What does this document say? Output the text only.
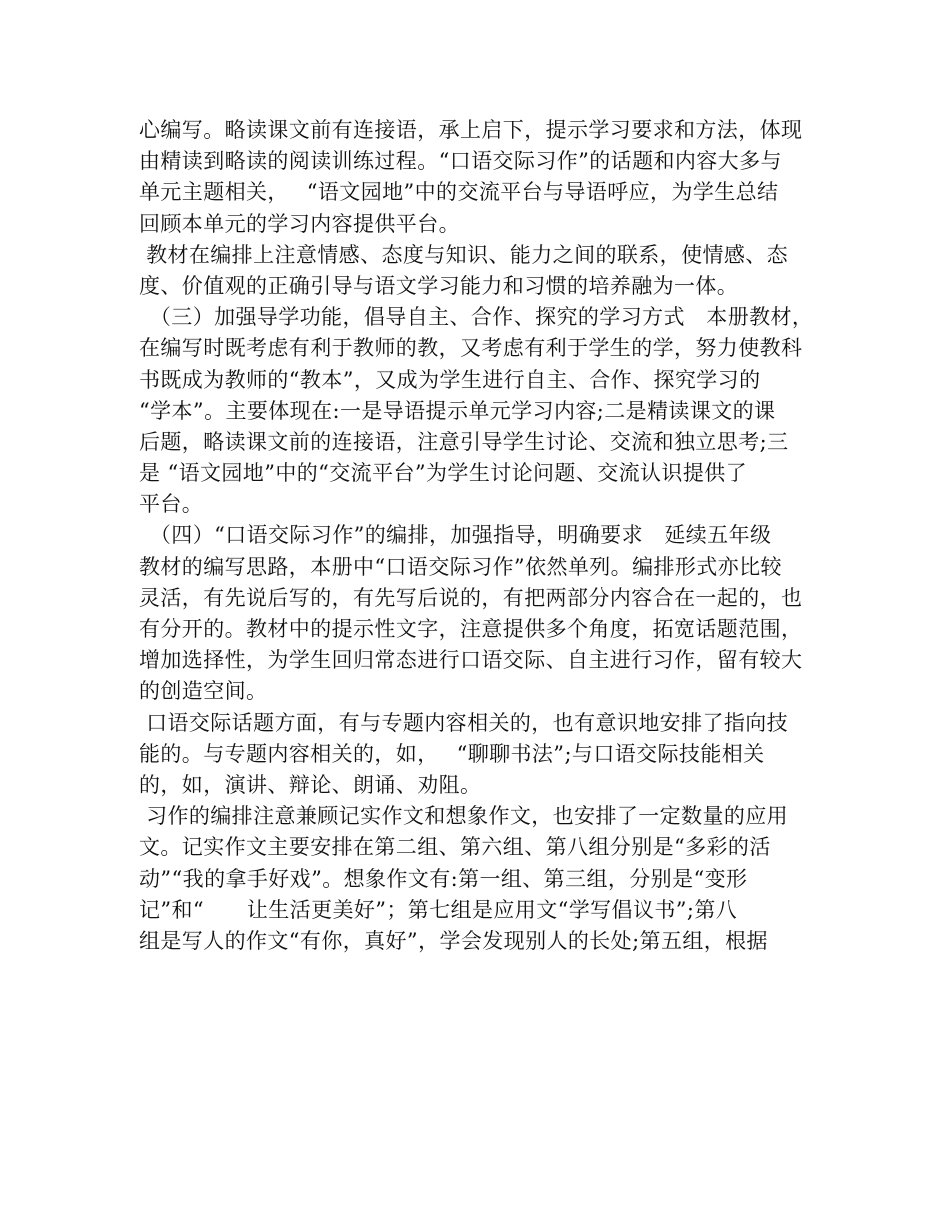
心编写。略读课文前有连接语，承上启下，提示学习要求和方法，体现
由精读到略读的阅读训练过程。“口语交际习作”的话题和内容大多与
单元主题相关，　 “语文园地”中的交流平台与导语呼应，为学生总结
回顾本单元的学习内容提供平台。
教材在编排上注意情感、态度与知识、能力之间的联系，使情感、态
度、价值观的正确引导与语文学习能力和习惯的培养融为一体。
　（三）加强导学功能，倡导自主、合作、探究的学习方式　本册教材，
在编写时既考虑有利于教师的教，又考虑有利于学生的学，努力使教科
书既成为教师的“教本”，又成为学生进行自主、合作、探究学习的
“学本”。主要体现在:一是导语提示单元学习内容;二是精读课文的课
后题，略读课文前的连接语，注意引导学生讨论、交流和独立思考;三
是 “语文园地”中的“交流平台”为学生讨论问题、交流认识提供了
平台。
　（四）“口语交际习作”的编排，加强指导，明确要求　延续五年级
教材的编写思路，本册中“口语交际习作”依然单列。编排形式亦比较
灵活，有先说后写的，有先写后说的，有把两部分内容合在一起的，也
有分开的。教材中的提示性文字，注意提供多个角度，拓宽话题范围，
增加选择性，为学生回归常态进行口语交际、自主进行习作，留有较大
的创造空间。
口语交际话题方面，有与专题内容相关的，也有意识地安排了指向技
能的。与专题内容相关的，如，　 “聊聊书法”;与口语交际技能相关
的，如，演讲、辩论、朗诵、劝阻。
习作的编排注意兼顾记实作文和想象作文，也安排了一定数量的应用
文。记实作文主要安排在第二组、第六组、第八组分别是“多彩的活
动”“我的拿手好戏”。想象作文有:第一组、第三组，分别是“变形
记”和“　　让生活更美好”；第七组是应用文“学写倡议书”;第八
组是写人的作文“有你，真好”，学会发现别人的长处;第五组，根据
